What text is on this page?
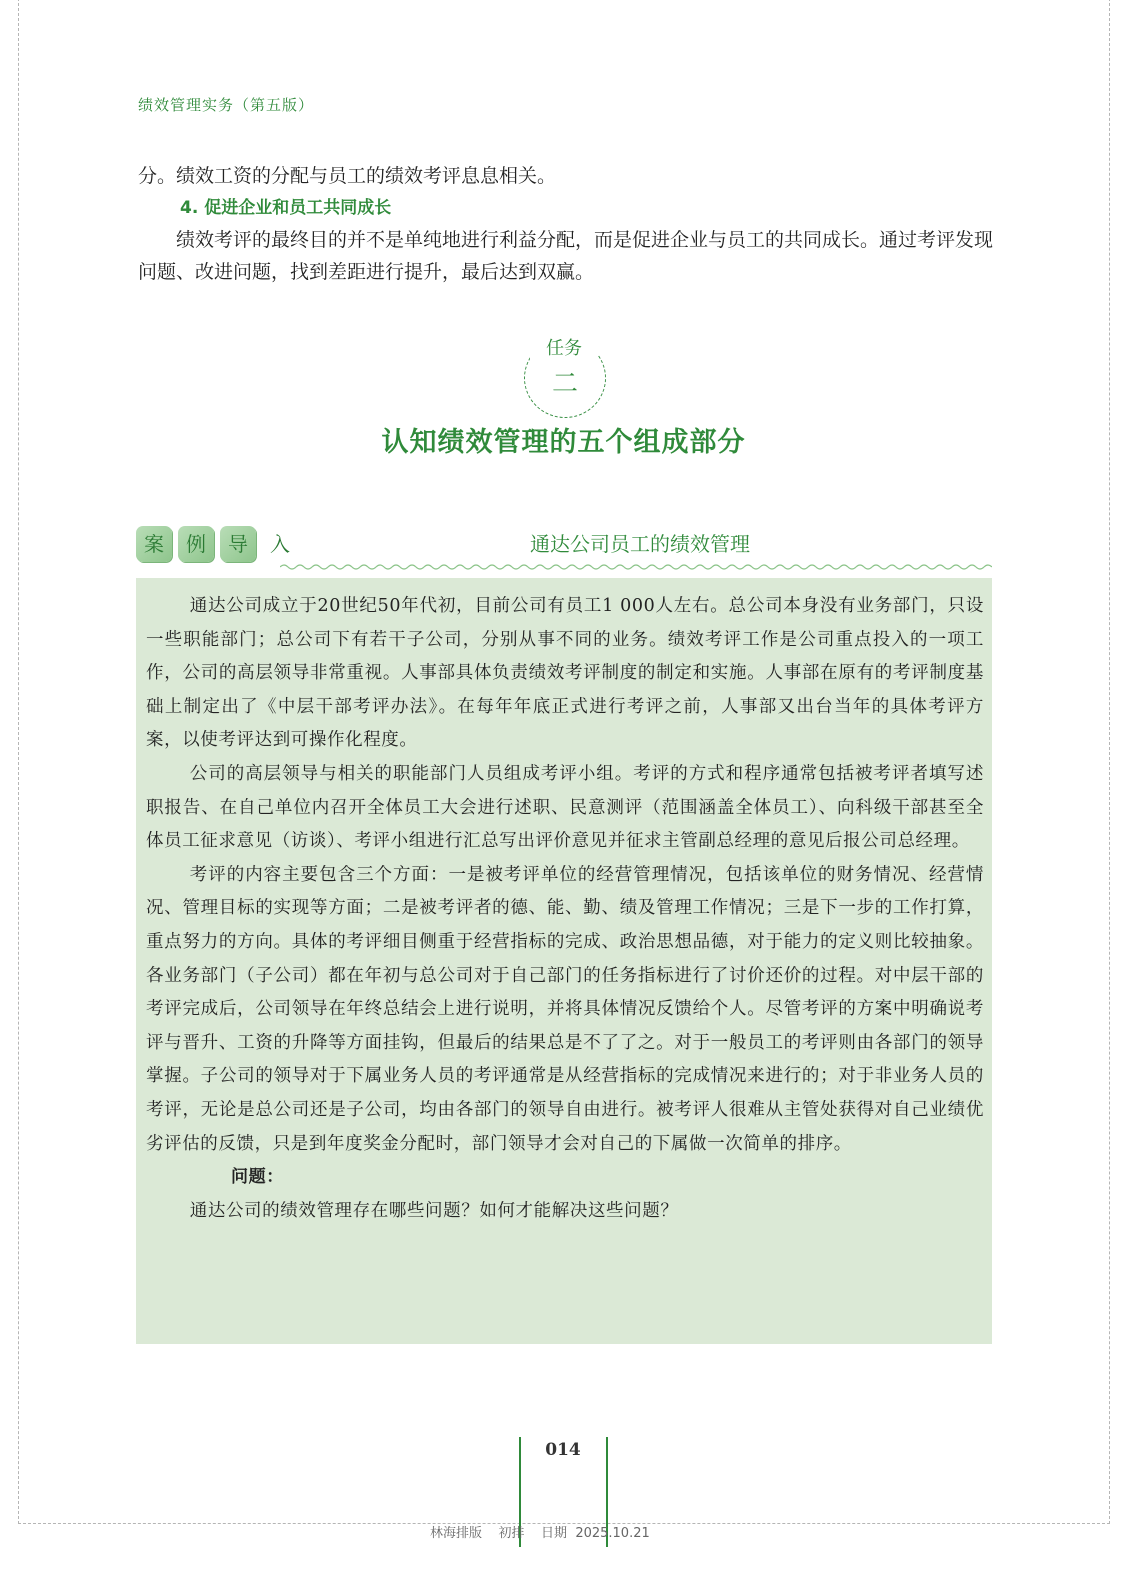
绩效管理实务（第五版）

分。绩效工资的分配与员工的绩效考评息息相关。

4. 促进企业和员工共同成长

绩效考评的最终目的并不是单纯地进行利益分配，而是促进企业与员工的共同成长。通过考评发现问题、改进问题，找到差距进行提升，最后达到双赢。

任务
二
认知绩效管理的五个组成部分
案	例	导	入	通达公司员工的绩效管理

通达公司成立于20世纪50年代初，目前公司有员工1 000人左右。总公司本身没有业务部门，只设一些职能部门；总公司下有若干子公司，分别从事不同的业务。绩效考评工作是公司重点投入的一项工作，公司的高层领导非常重视。人事部具体负责绩效考评制度的制定和实施。人事部在原有的考评制度基础上制定出了《中层干部考评办法》。在每年年底正式进行考评之前，人事部又出台当年的具体考评方案，以使考评达到可操作化程度。

公司的高层领导与相关的职能部门人员组成考评小组。考评的方式和程序通常包括被考评者填写述职报告、在自己单位内召开全体员工大会进行述职、民意测评（范围涵盖全体员工）、向科级干部甚至全体员工征求意见（访谈）、考评小组进行汇总写出评价意见并征求主管副总经理的意见后报公司总经理。

考评的内容主要包含三个方面：一是被考评单位的经营管理情况，包括该单位的财务情况、经营情况、管理目标的实现等方面；二是被考评者的德、能、勤、绩及管理工作情况；三是下一步的工作打算，重点努力的方向。具体的考评细目侧重于经营指标的完成、政治思想品德，对于能力的定义则比较抽象。各业务部门（子公司）都在年初与总公司对于自己部门的任务指标进行了讨价还价的过程。对中层干部的考评完成后，公司领导在年终总结会上进行说明，并将具体情况反馈给个人。尽管考评的方案中明确说考评与晋升、工资的升降等方面挂钩，但最后的结果总是不了了之。对于一般员工的考评则由各部门的领导掌握。子公司的领导对于下属业务人员的考评通常是从经营指标的完成情况来进行的；对于非业务人员的考评，无论是总公司还是子公司，均由各部门的领导自由进行。被考评人很难从主管处获得对自己业绩优劣评估的反馈，只是到年度奖金分配时，部门领导才会对自己的下属做一次简单的排序。

问题：

通达公司的绩效管理存在哪些问题？如何才能解决这些问题？

014
林海排版    初排    日期  2025.10.21
